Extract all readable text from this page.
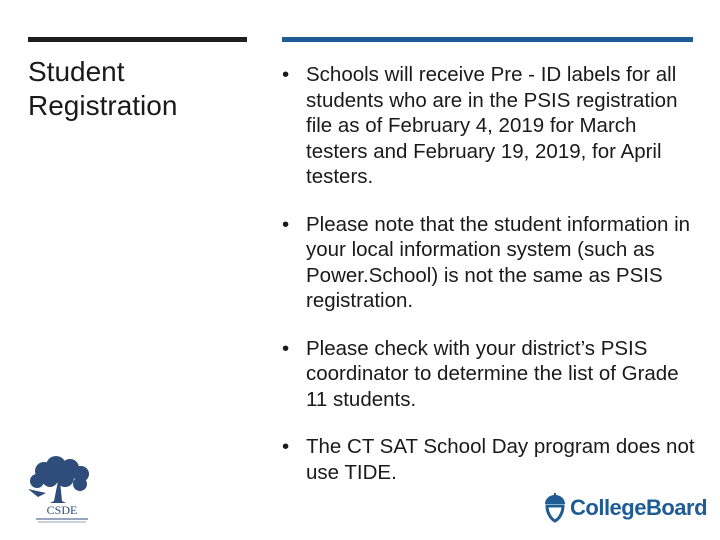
Student
Registration
• Schools will receive Pre - ID labels for all students who are in the PSIS registration file as of February 4, 2019 for March testers and February 19, 2019, for April testers.
• Please note that the student information in your local information system (such as Power.School) is not the same as PSIS registration.
• Please check with your district’s PSIS coordinator to determine the list of Grade 11 students.
• The CT SAT School Day program does not use TIDE.
CSDE	CollegeBoard
